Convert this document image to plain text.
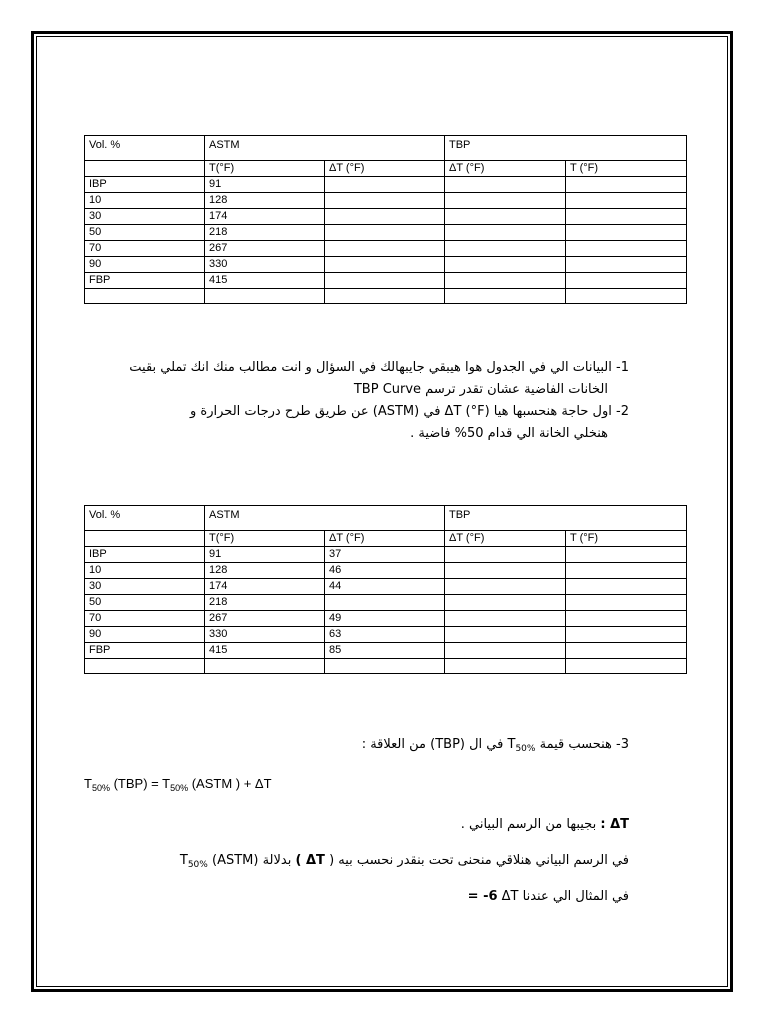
Vol. %	ASTM		TBP	
	T(°F)	ΔT (°F)	ΔT (°F)	T (°F)
IBP	91			
10	128			
30	174			
50	218			
70	267			
90	330			
FBP	415			

1- البيانات الي في الجدول هوا هيبقي جايبهالك في السؤال و انت مطالب منك انك تملي بقيت
الخانات الفاضية عشان تقدر ترسم TBP Curve
2- اول حاجة هنحسبها هيا ΔT (°F) في (ASTM) عن طريق طرح درجات الحرارة و
هنخلي الخانة الي قدام 50% فاضية .
Vol. %	ASTM		TBP	
	T(°F)	ΔT (°F)	ΔT (°F)	T (°F)
IBP	91	37		
10	128	46		
30	174	44		
50	218			
70	267	49		
90	330	63		
FBP	415	85		

3- هنحسب قيمة $T_{50\%}$ في ال (TBP) من العلاقة :
$T_{50\%}$ $(TBP) = T_{50\%}$ (ASTM ) + ΔT
ΔT : بجيبها من الرسم البياني .
في الرسم البياني هنلاقي منحنى تحت بنقدر نحسب بيه ( ΔT ) بدلالة (ASTM) $T_{50\%}$
في المثال الي عندنا ΔT = -6
